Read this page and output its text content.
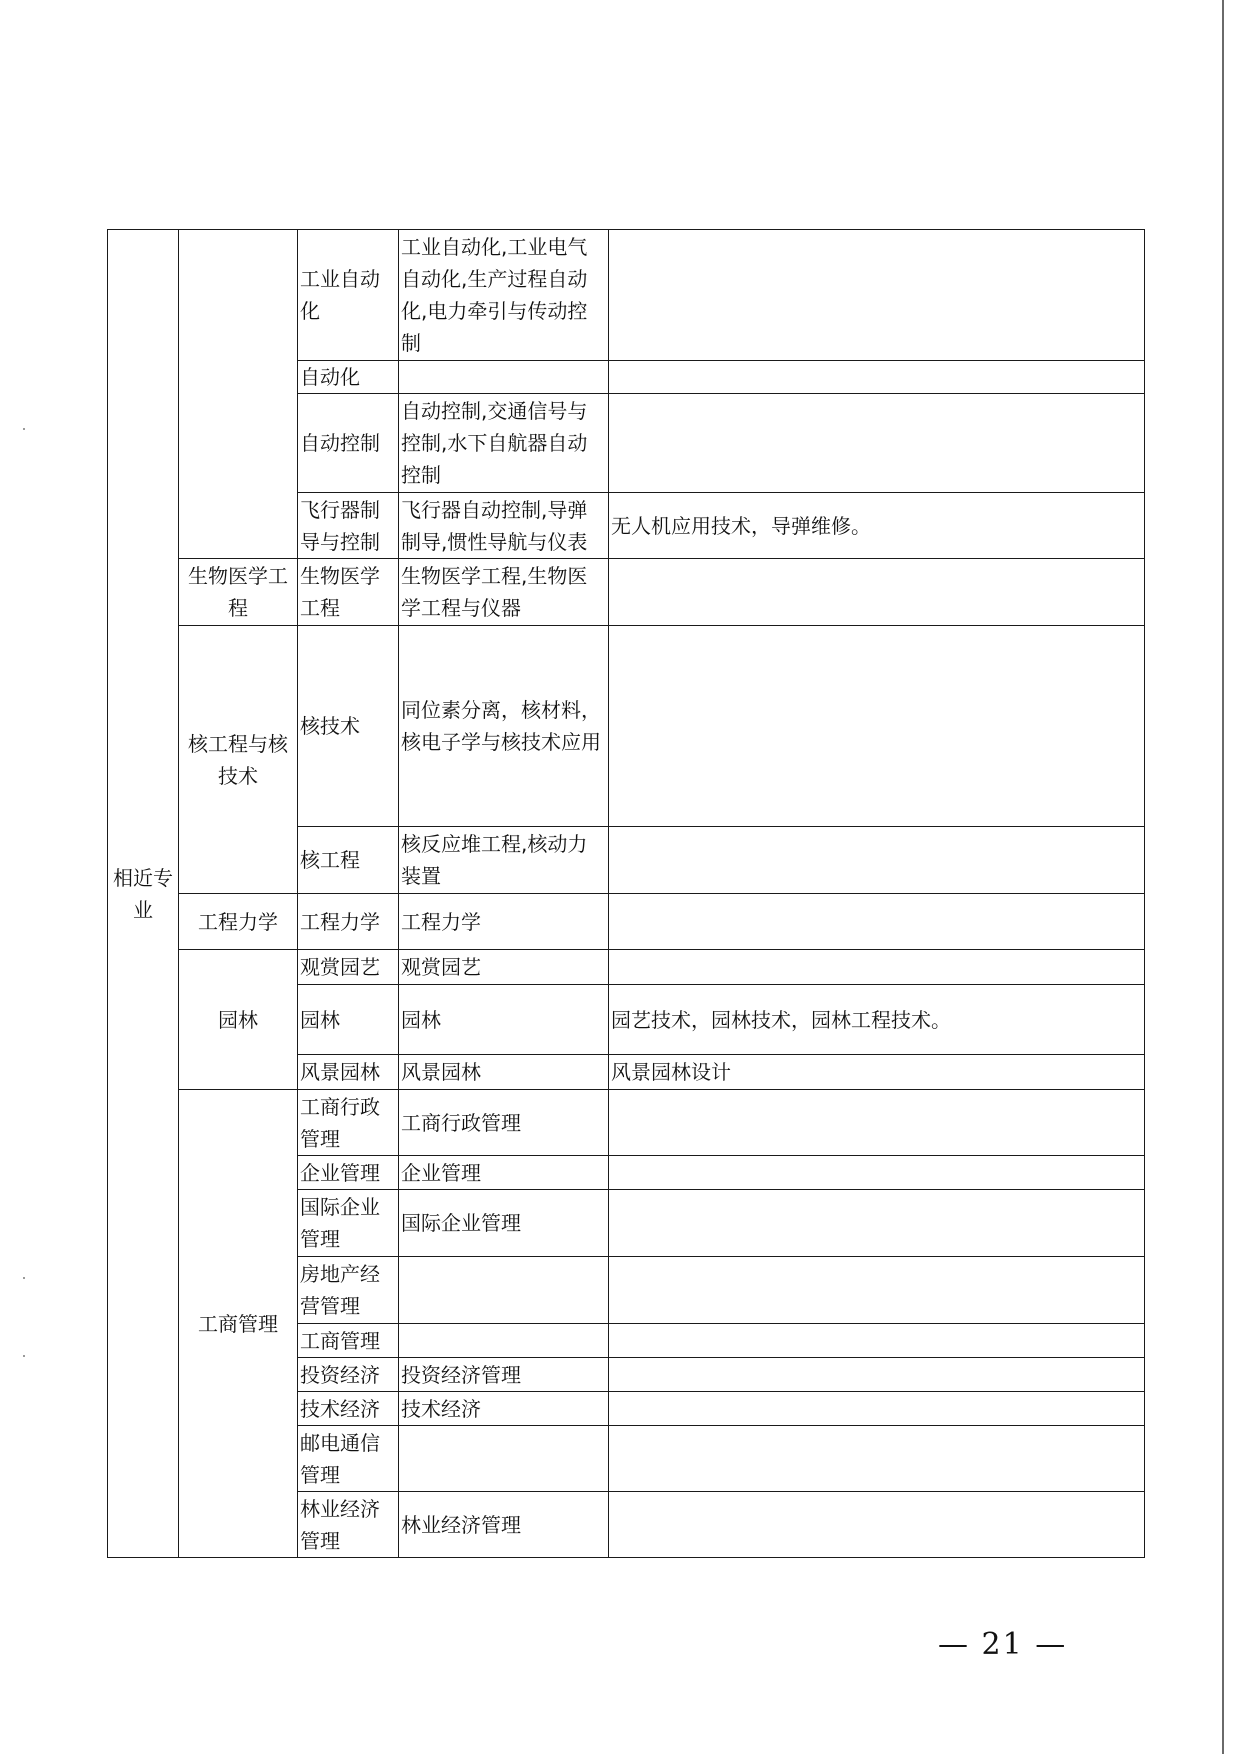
相近专业		工业自动化	工业自动化,工业电气自动化,生产过程自动化,电力牵引与传动控制	
		自动化		
		自动控制	自动控制,交通信号与控制,水下自航器自动控制	
		飞行器制导与控制	飞行器自动控制,导弹制导,惯性导航与仪表	无人机应用技术，导弹维修。
	生物医学工程	生物医学工程	生物医学工程,生物医学工程与仪器	
	核工程与核技术	核技术	同位素分离，核材料，核电子学与核技术应用	
		核工程	核反应堆工程,核动力装置	
	工程力学	工程力学	工程力学	
	园林	观赏园艺	观赏园艺	
		园林	园林	园艺技术，园林技术，园林工程技术。
		风景园林	风景园林	风景园林设计
	工商管理	工商行政管理	工商行政管理	
		企业管理	企业管理	
		国际企业管理	国际企业管理	
		房地产经营管理		
		工商管理		
		投资经济	投资经济管理	
		技术经济	技术经济	
		邮电通信管理		
		林业经济管理	林业经济管理	
— 21 —
